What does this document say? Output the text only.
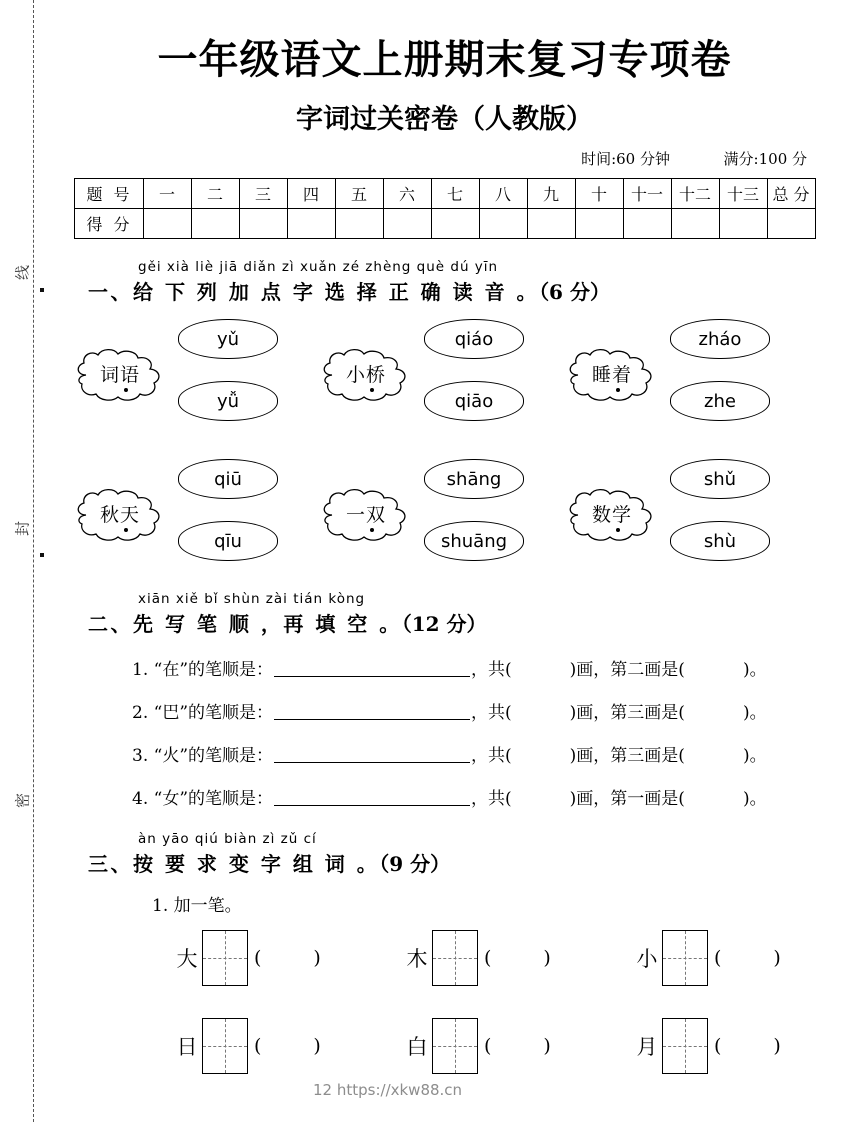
线
封
密
一年级语文上册期末复习专项卷
字词过关密卷（人教版）
时间:60 分钟	满分:100 分
题 号	一	二	三	四	五	六	七	八	九	十	十一	十二	十三	总 分
得 分														
gěi xià liè jiā diǎn zì xuǎn zé zhèng què dú yīn
一、给 下 列 加 点 字 选 择 正 确 读 音 。（6 分）
词语
yǔ
yǚ
小桥
qiáo
qiāo
睡着
zháo
zhe
秋天
qiū
qīu
一双
shāng
shuāng
数学
shǔ
shù
xiān xiě bǐ shùn zài tián kòng
二、先 写 笔 顺 ，再 填 空 。（12 分）
1. “在”的笔顺是：	，共(	)画，第二画是(	)。
2. “巴”的笔顺是：	，共(	)画，第三画是(	)。
3. “火”的笔顺是：	，共(	)画，第三画是(	)。
4. “女”的笔顺是：	，共(	)画，第一画是(	)。
àn yāo qiú biàn zì zǔ cí
三、按 要 求 变 字 组 词 。（9 分）
1. 加一笔。
大	(	)	木	(	)	小	(	)
日	(	)	白	(	)	月	(	)
12 https://xkw88.cn
